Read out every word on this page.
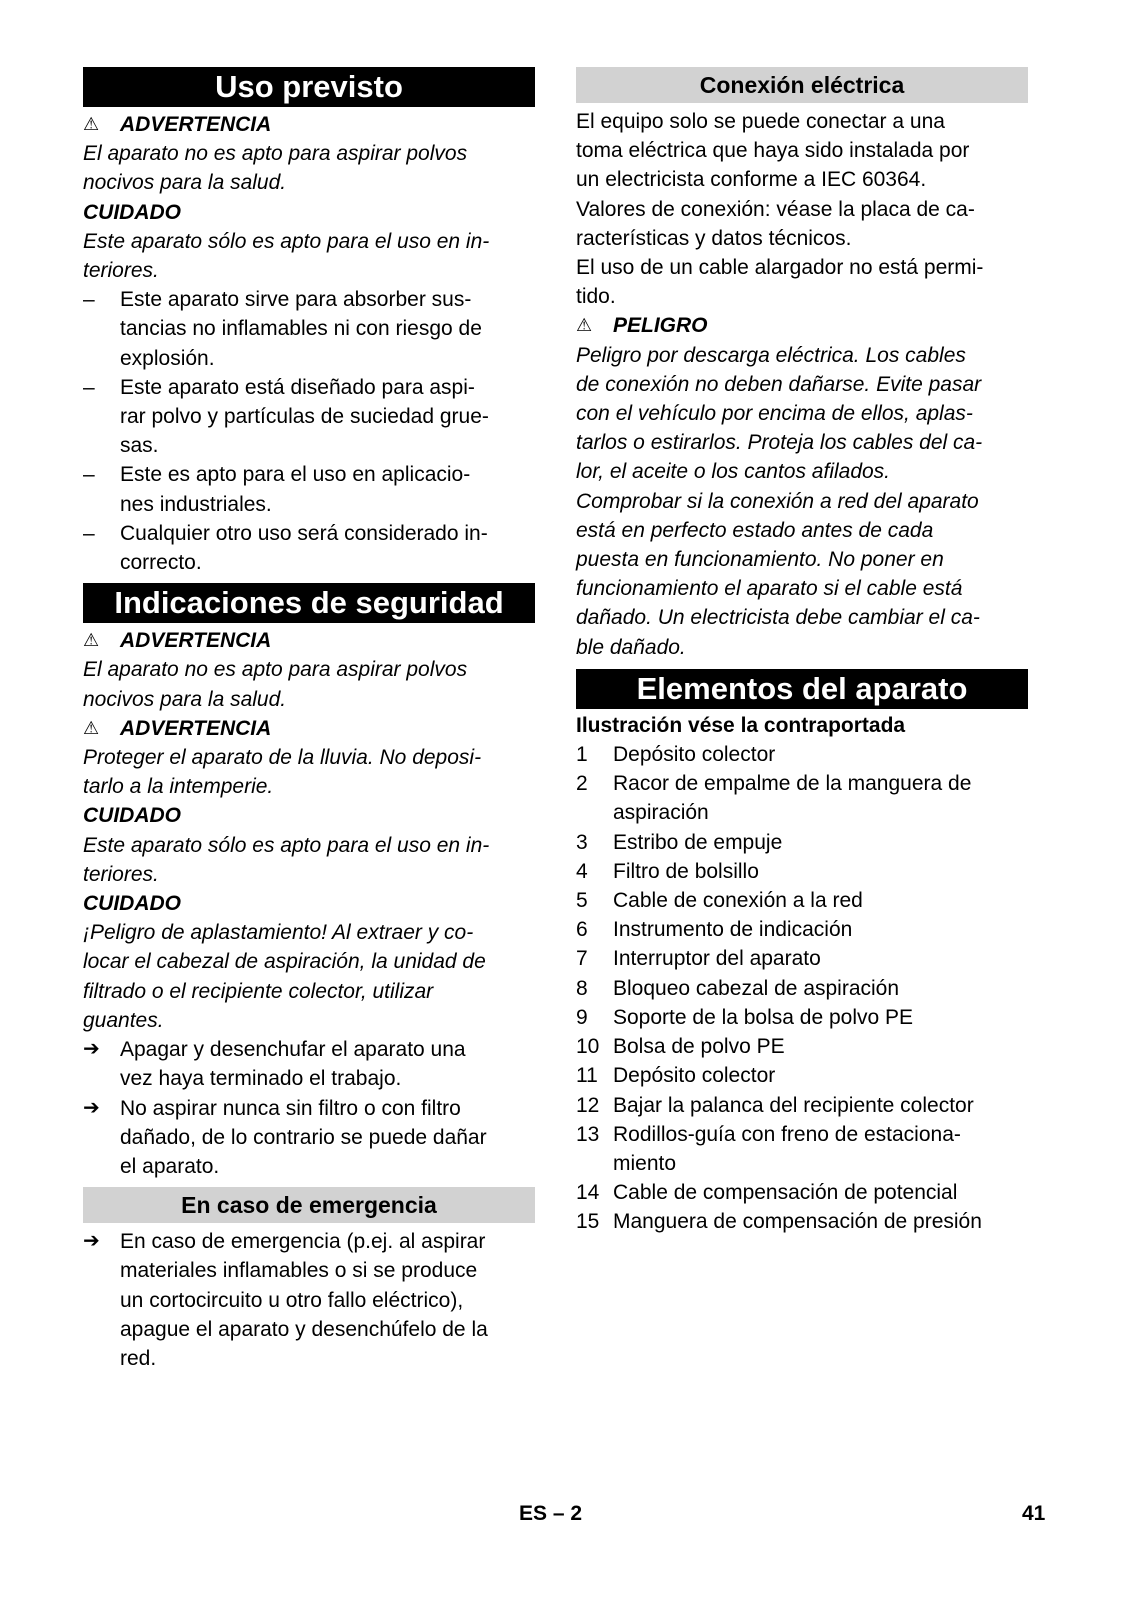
Uso previsto
⚠ ADVERTENCIA
El aparato no es apto para aspirar polvos
nocivos para la salud.
CUIDADO
Este aparato sólo es apto para el uso en in-
teriores.
–	Este aparato sirve para absorber sus-
tancias no inflamables ni con riesgo de
explosión.
–	Este aparato está diseñado para aspi-
rar polvo y partículas de suciedad grue-
sas.
–	Este es apto para el uso en aplicacio-
nes industriales.
–	Cualquier otro uso será considerado in-
correcto.
Indicaciones de seguridad
⚠ ADVERTENCIA
El aparato no es apto para aspirar polvos
nocivos para la salud.
⚠ ADVERTENCIA
Proteger el aparato de la lluvia. No deposi-
tarlo a la intemperie.
CUIDADO
Este aparato sólo es apto para el uso en in-
teriores.
CUIDADO
¡Peligro de aplastamiento! Al extraer y co-
locar el cabezal de aspiración, la unidad de
filtrado o el recipiente colector, utilizar
guantes.
➔ Apagar y desenchufar el aparato una
vez haya terminado el trabajo.
➔ No aspirar nunca sin filtro o con filtro
dañado, de lo contrario se puede dañar
el aparato.
En caso de emergencia
➔ En caso de emergencia (p.ej. al aspirar
materiales inflamables o si se produce
un cortocircuito u otro fallo eléctrico),
apague el aparato y desenchúfelo de la
red.
Conexión eléctrica
El equipo solo se puede conectar a una
toma eléctrica que haya sido instalada por
un electricista conforme a IEC 60364.
Valores de conexión: véase la placa de ca-
racterísticas y datos técnicos.
El uso de un cable alargador no está permi-
tido.
⚠ PELIGRO
Peligro por descarga eléctrica. Los cables
de conexión no deben dañarse. Evite pasar
con el vehículo por encima de ellos, aplas-
tarlos o estirarlos. Proteja los cables del ca-
lor, el aceite o los cantos afilados.
Comprobar si la conexión a red del aparato
está en perfecto estado antes de cada
puesta en funcionamiento. No poner en
funcionamiento el aparato si el cable está
dañado. Un electricista debe cambiar el ca-
ble dañado.
Elementos del aparato
Ilustración vése la contraportada
1	Depósito colector
2	Racor de empalme de la manguera de
aspiración
3	Estribo de empuje
4	Filtro de bolsillo
5	Cable de conexión a la red
6	Instrumento de indicación
7	Interruptor del aparato
8	Bloqueo cabezal de aspiración
9	Soporte de la bolsa de polvo PE
10 Bolsa de polvo PE
11 Depósito colector
12 Bajar la palanca del recipiente colector
13 Rodillos-guía con freno de estaciona-
miento
14 Cable de compensación de potencial
15 Manguera de compensación de presión
ES – 2	41
